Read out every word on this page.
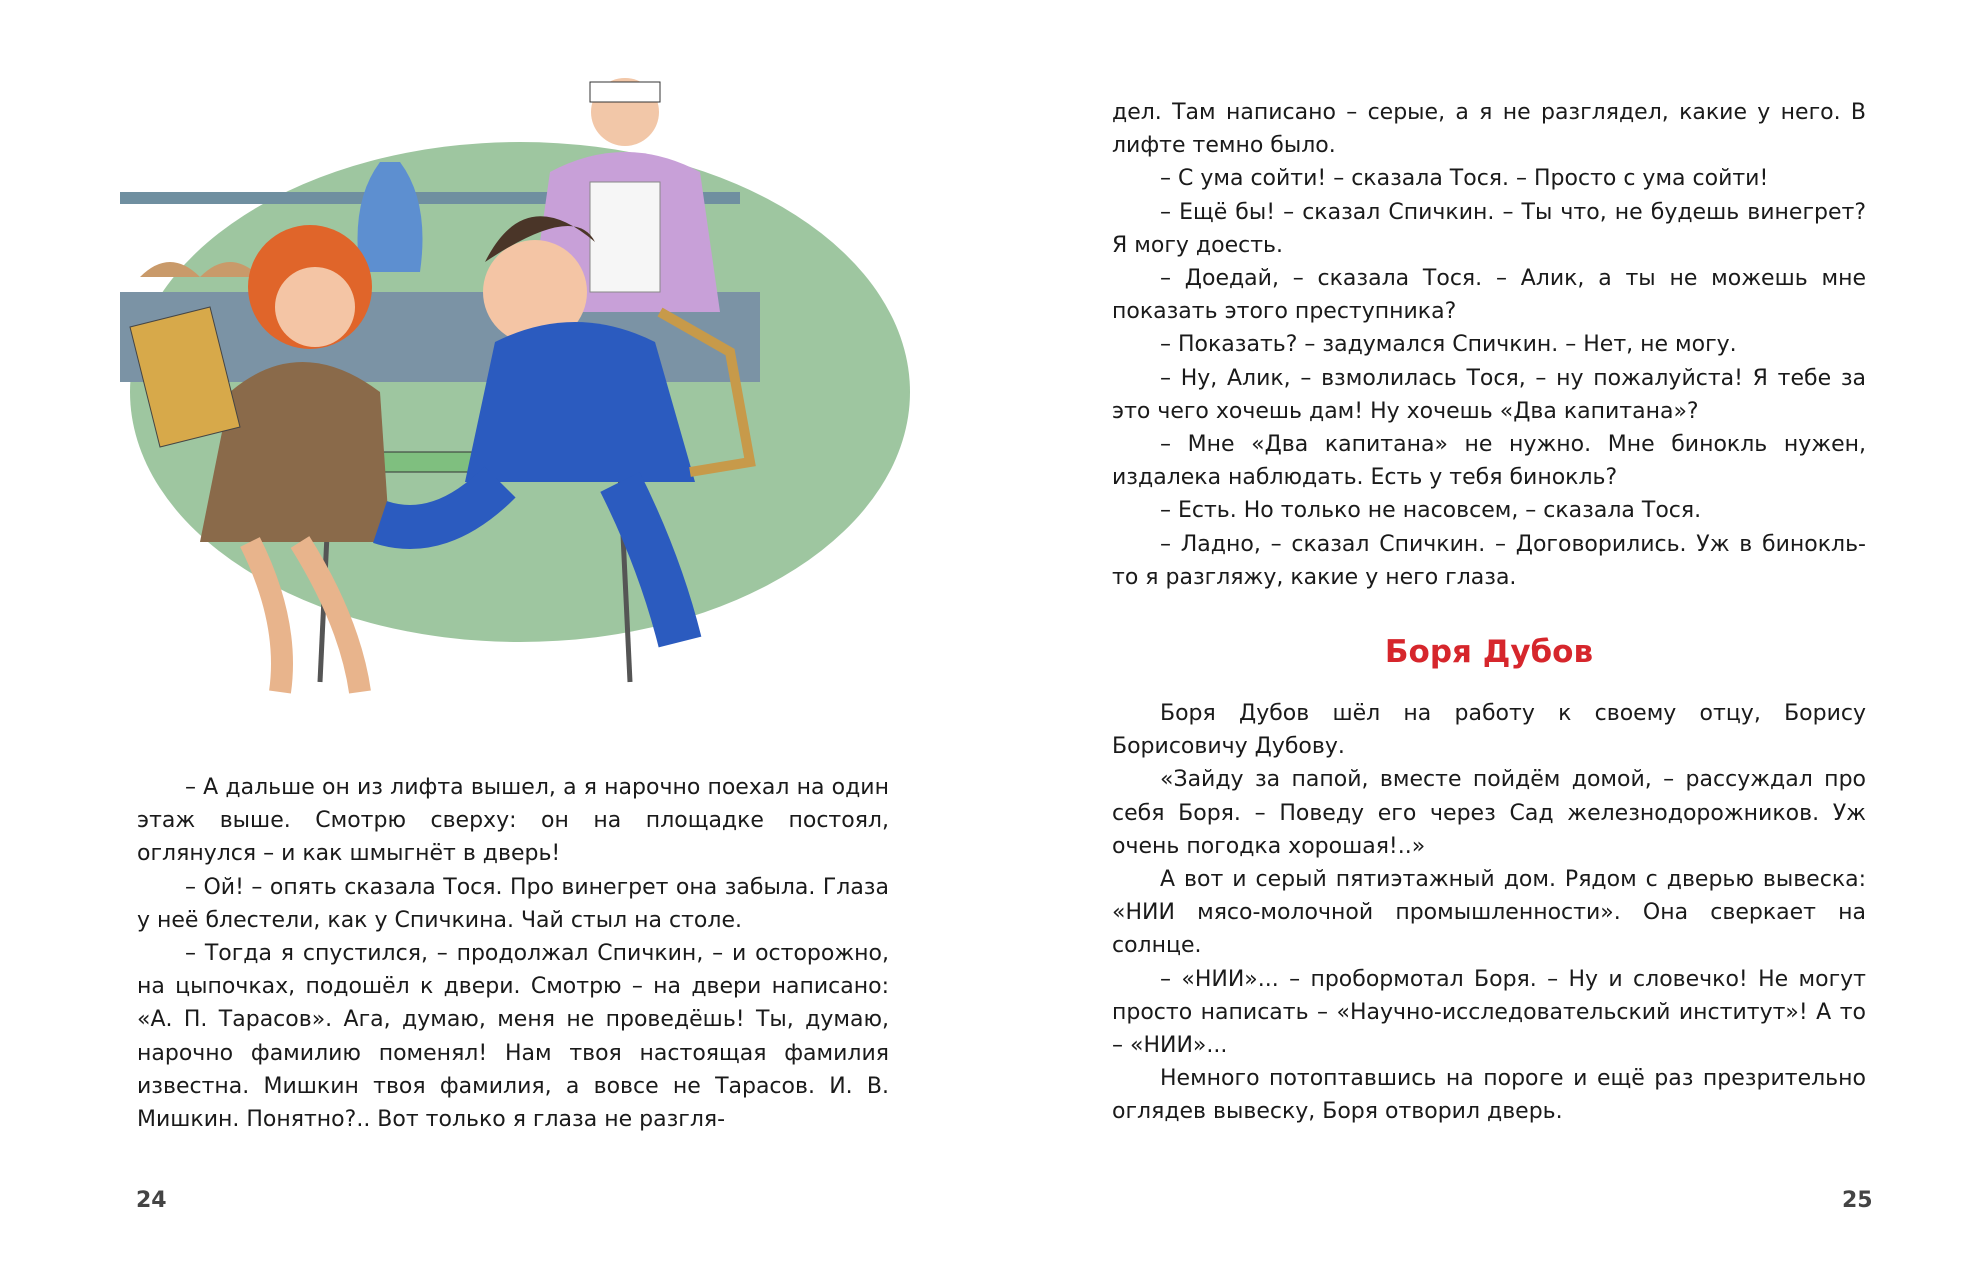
– А дальше он из лифта вышел, а я нарочно поехал на один этаж выше. Смотрю сверху: он на площадке постоял, оглянулся – и как шмыгнёт в дверь!

– Ой! – опять сказала Тося. Про винегрет она забыла. Глаза у неё блестели, как у Спичкина. Чай стыл на столе.

– Тогда я спустился, – продолжал Спичкин, – и осторожно, на цыпочках, подошёл к двери. Смотрю – на двери написано: «А. П. Тарасов». Ага, думаю, меня не проведёшь! Ты, думаю, нарочно фамилию поменял! Нам твоя настоящая фамилия известна. Мишкин твоя фамилия, а вовсе не Тарасов. И. В. Мишкин. Понятно?.. Вот только я глаза не разгля-

24

дел. Там написано – серые, а я не разглядел, какие у него. В лифте темно было.

– С ума сойти! – сказала Тося. – Просто с ума сойти!

– Ещё бы! – сказал Спичкин. – Ты что, не будешь винегрет? Я могу доесть.

– Доедай, – сказала Тося. – Алик, а ты не можешь мне показать этого преступника?

– Показать? – задумался Спичкин. – Нет, не могу.

– Ну, Алик, – взмолилась Тося, – ну пожалуйста! Я тебе за это чего хочешь дам! Ну хочешь «Два капитана»?

– Мне «Два капитана» не нужно. Мне бинокль нужен, издалека наблюдать. Есть у тебя бинокль?

– Есть. Но только не насовсем, – сказала Тося.

– Ладно, – сказал Спичкин. – Договорились. Уж в бинокль-то я разгляжу, какие у него глаза.

Боря Дубов

Боря Дубов шёл на работу к своему отцу, Борису Борисовичу Дубову.

«Зайду за папой, вместе пойдём домой, – рассуждал про себя Боря. – Поведу его через Сад железнодорожников. Уж очень погодка хорошая!..»

А вот и серый пятиэтажный дом. Рядом с дверью вывеска: «НИИ мясо-молочной промышленности». Она сверкает на солнце.

– «НИИ»... – пробормотал Боря. – Ну и словечко! Не могут просто написать – «Научно-исследовательский институт»! А то – «НИИ»...

Немного потоптавшись на пороге и ещё раз презрительно оглядев вывеску, Боря отворил дверь.

25
